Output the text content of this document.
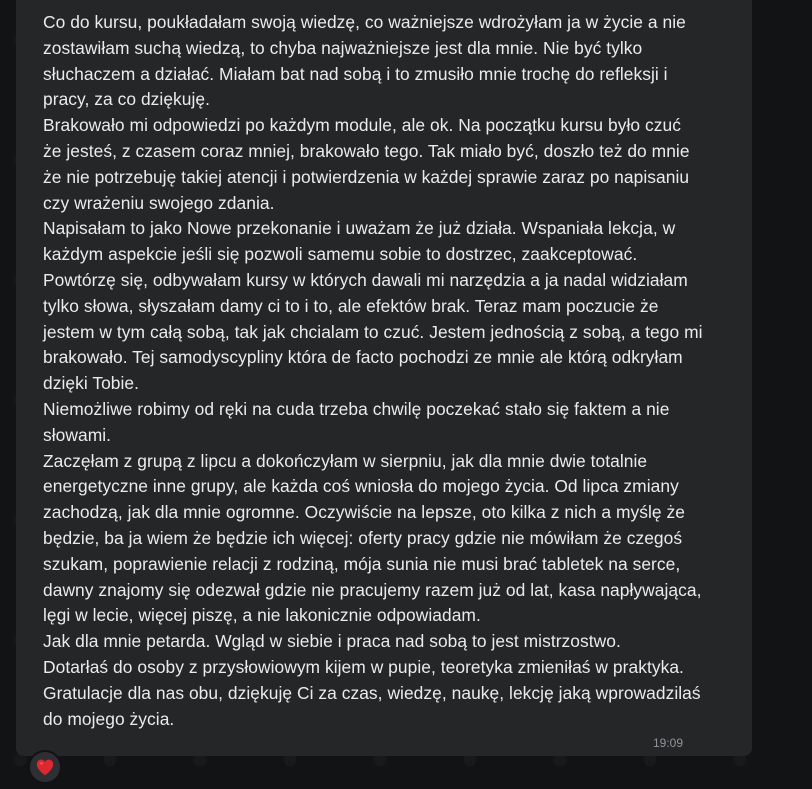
Co do kursu, poukładałam swoją wiedzę, co ważniejsze wdrożyłam ja w życie a nie
zostawiłam suchą wiedzą, to chyba najważniejsze jest dla mnie. Nie być tylko
słuchaczem a działać. Miałam bat nad sobą i to zmusiło mnie trochę do refleksji i
pracy, za co dziękuję.
Brakowało mi odpowiedzi po każdym module, ale ok. Na początku kursu było czuć
że jesteś, z czasem coraz mniej, brakowało tego. Tak miało być, doszło też do mnie
że nie potrzebuję takiej atencji i potwierdzenia w każdej sprawie zaraz po napisaniu
czy wrażeniu swojego zdania.
Napisałam to jako Nowe przekonanie i uważam że już działa. Wspaniała lekcja, w
każdym aspekcie jeśli się pozwoli samemu sobie to dostrzec, zaakceptować.
Powtórzę się, odbywałam kursy w których dawali mi narzędzia a ja nadal widziałam
tylko słowa, słyszałam damy ci to i to, ale efektów brak. Teraz mam poczucie że
jestem w tym całą sobą, tak jak chcialam to czuć. Jestem jednością z sobą, a tego mi
brakowało. Tej samodyscypliny która de facto pochodzi ze mnie ale którą odkryłam
dzięki Tobie.
Niemożliwe robimy od ręki na cuda trzeba chwilę poczekać stało się faktem a nie
słowami.
Zaczęłam z grupą z lipcu a dokończyłam w sierpniu, jak dla mnie dwie totalnie
energetyczne inne grupy, ale każda coś wniosła do mojego życia. Od lipca zmiany
zachodzą, jak dla mnie ogromne. Oczywiście na lepsze, oto kilka z nich a myślę że
będzie, ba ja wiem że będzie ich więcej: oferty pracy gdzie nie mówiłam że czegoś
szukam, poprawienie relacji z rodziną, mója sunia nie musi brać tabletek na serce,
dawny znajomy się odezwał gdzie nie pracujemy razem już od lat, kasa napływająca,
lęgi w lecie, więcej piszę, a nie lakonicznie odpowiadam.
Jak dla mnie petarda. Wgląd w siebie i praca nad sobą to jest mistrzostwo.
Dotarłaś do osoby z przysłowiowym kijem w pupie, teoretyka zmieniłaś w praktyka.
Gratulacje dla nas obu, dziękuję Ci za czas, wiedzę, naukę, lekcję jaką wprowadzilaś
do mojego życia.

19:09
